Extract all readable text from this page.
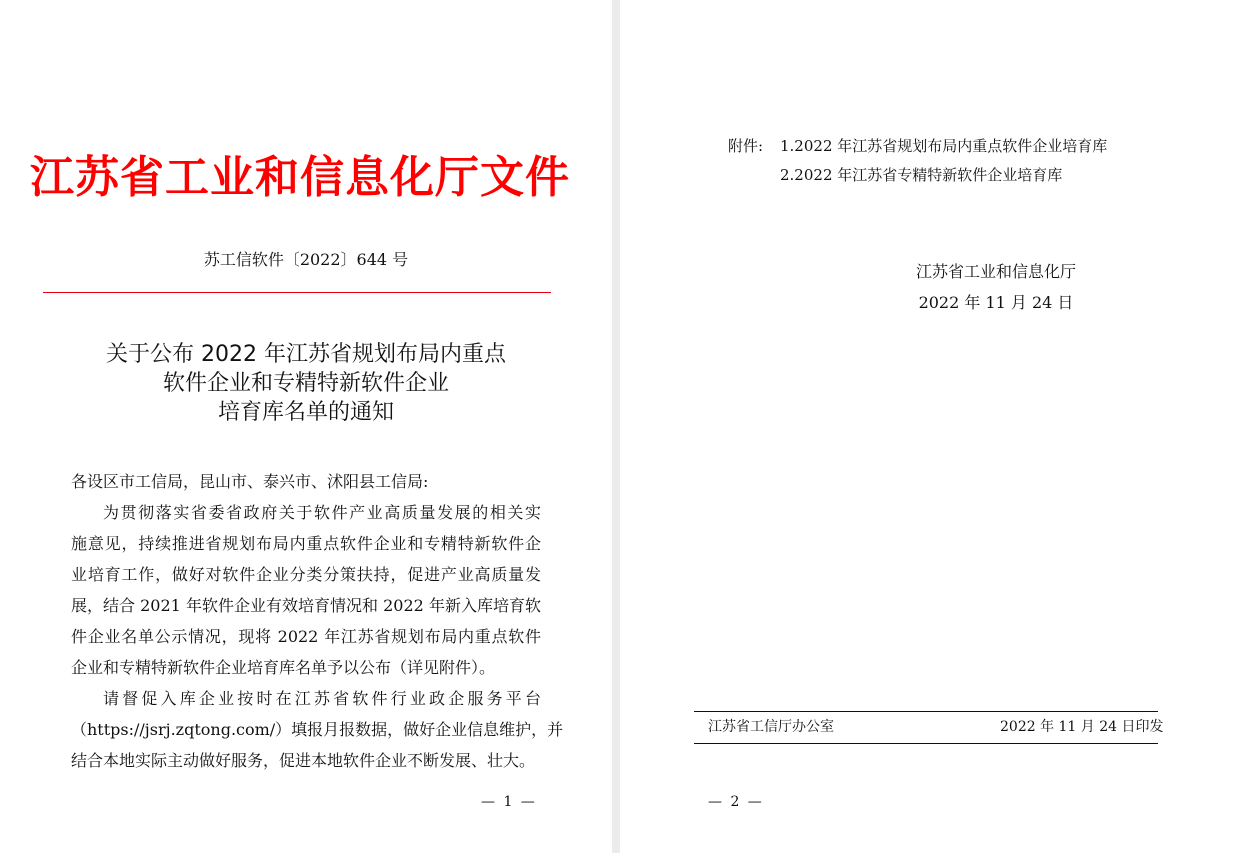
江苏省工业和信息化厅文件
苏工信软件〔2022〕644 号
关于公布 2022 年江苏省规划布局内重点
软件企业和专精特新软件企业
培育库名单的通知
各设区市工信局，昆山市、泰兴市、沭阳县工信局:
为贯彻落实省委省政府关于软件产业高质量发展的相关实
施意见，持续推进省规划布局内重点软件企业和专精特新软件企
业培育工作，做好对软件企业分类分策扶持，促进产业高质量发
展，结合 2021 年软件企业有效培育情况和 2022 年新入库培育软
件企业名单公示情况，现将 2022 年江苏省规划布局内重点软件
企业和专精特新软件企业培育库名单予以公布（详见附件）。
请督促入库企业按时在江苏省软件行业政企服务平台
（https://jsrj.zqtong.com/）填报月报数据，做好企业信息维护，并
结合本地实际主动做好服务，促进本地软件企业不断发展、壮大。
— 1 —
附件: 1.2022 年江苏省规划布局内重点软件企业培育库
2.2022 年江苏省专精特新软件企业培育库
江苏省工业和信息化厅
2022 年 11 月 24 日
江苏省工信厅办公室	2022 年 11 月 24 日印发
— 2 —
